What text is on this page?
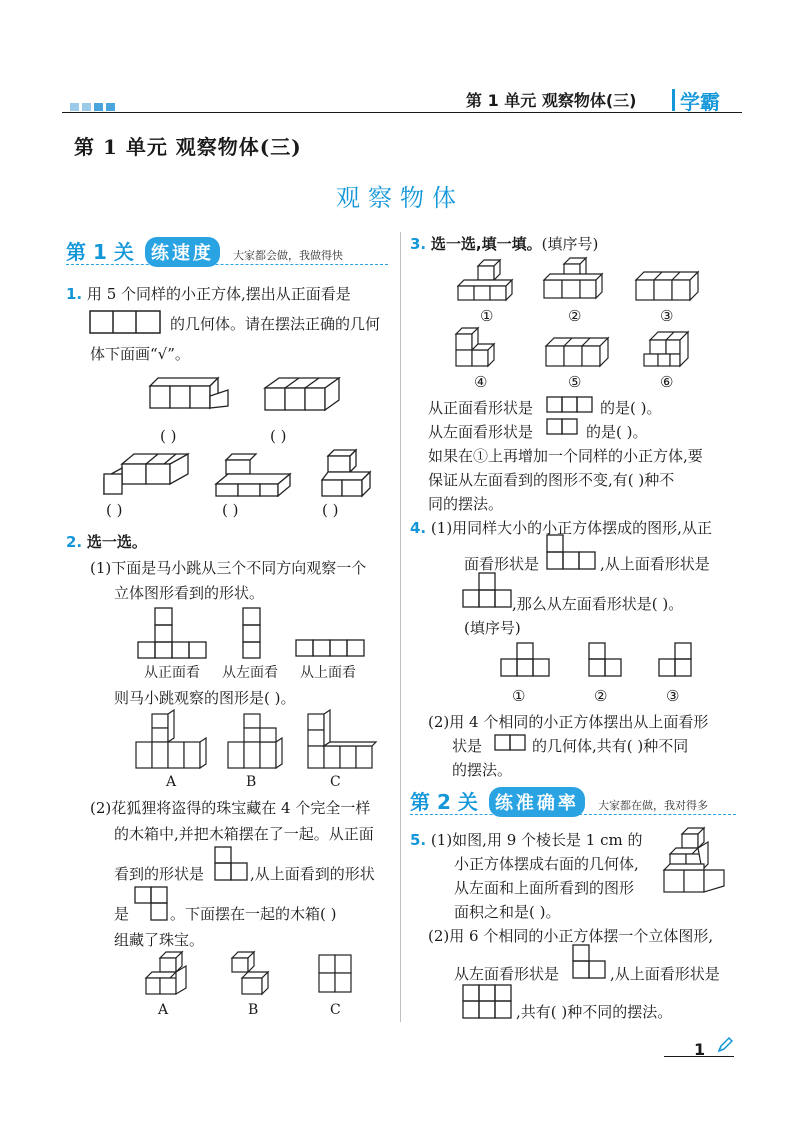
第 1 单元 观察物体(三) 学霸
第 1 单元 观察物体(三)
观察物体
第 1 关 练速度 大家都会做，我做得快
1. 用 5 个同样的小正方体,摆出从正面看是
的几何体。请在摆法正确的几何
体下面画“√”。
( )	( )
( )	( )	( )
2. 选一选。
(1)下面是马小跳从三个不同方向观察一个
立体图形看到的形状。
从正面看 从左面看 从上面看
则马小跳观察的图形是( )。
A	B	C
(2)花狐狸将盗得的珠宝藏在 4 个完全一样
的木箱中,并把木箱摆在了一起。从正面
看到的形状是	,从上面看到的形状
是	。下面摆在一起的木箱( )
组藏了珠宝。
A	B	C
3. 选一选,填一填。(填序号)
①	②	③
④	⑤	⑥
从正面看形状是	的是( )。
从左面看形状是	的是( )。
如果在①上再增加一个同样的小正方体,要
保证从左面看到的图形不变,有( )种不
同的摆法。
4. (1)用同样大小的小正方体摆成的图形,从正
面看形状是	,从上面看形状是
,那么从左面看形状是( )。
(填序号)
①	②	③
(2)用 4 个相同的小正方体摆出从上面看形
状是	的几何体,共有( )种不同
的摆法。
第 2 关 练准确率 大家都在做，我对得多
5. (1)如图,用 9 个棱长是 1 cm 的
小正方体摆成右面的几何体,
从左面和上面所看到的图形
面积之和是( )。
(2)用 6 个相同的小正方体摆一个立体图形,
从左面看形状是	,从上面看形状是
,共有( )种不同的摆法。
1
